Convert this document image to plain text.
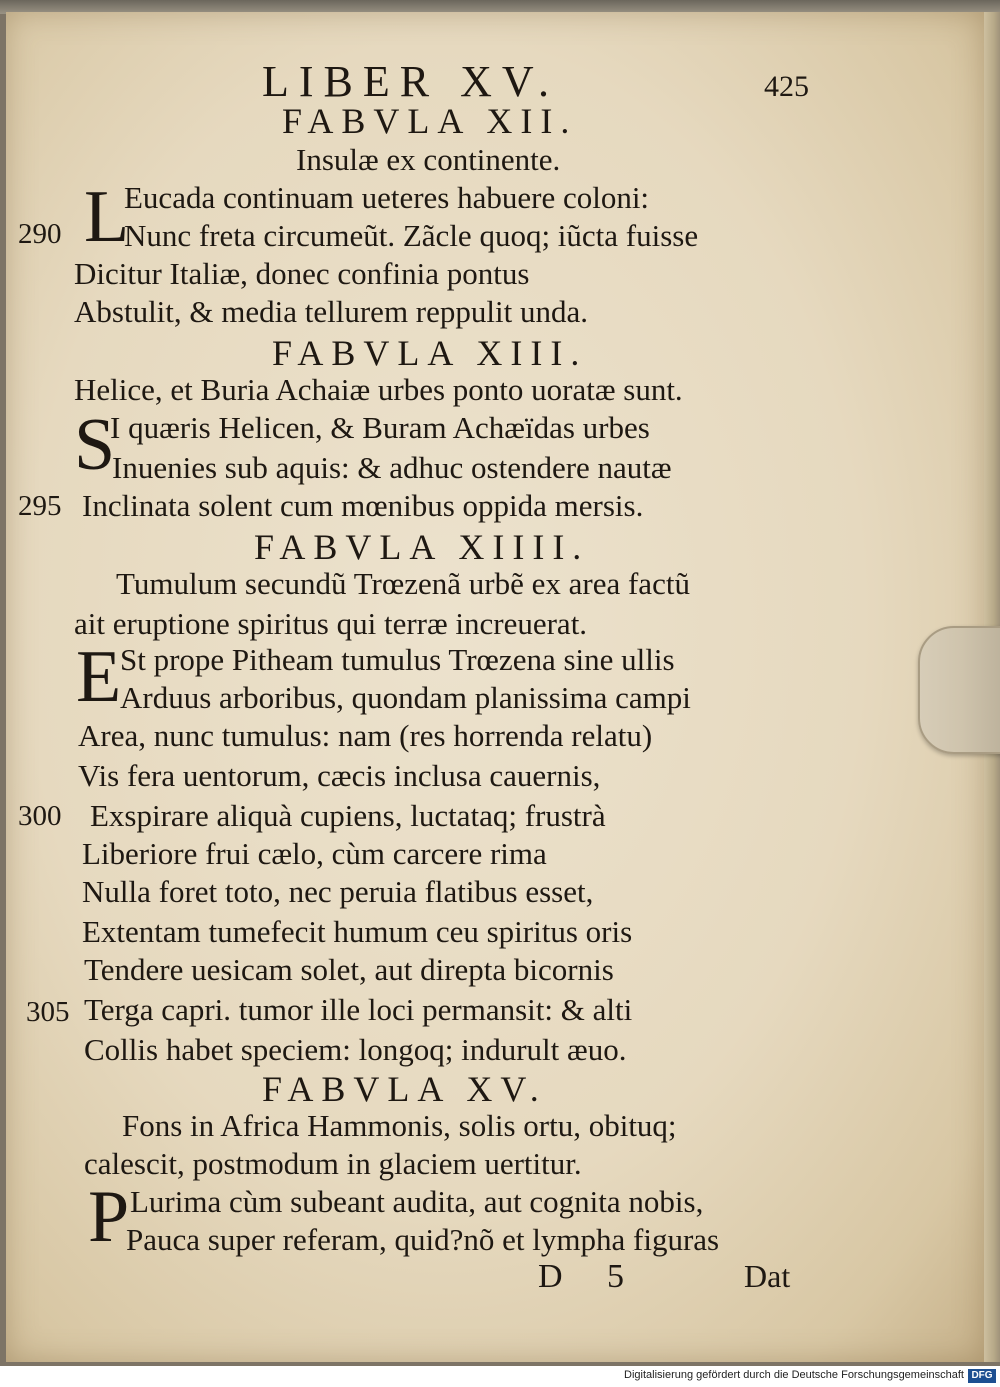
LIBER XV.	425
FABVLA XII.
Insulæ ex continente.
L
Eucada continuam ueteres habuere coloni:
290 Nunc freta circumeũt. Zãcle quoq; iũcta fuisse
Dicitur Italiæ, donec confinia pontus
Abstulit, & media tellurem reppulit unda.
FABVLA XIII.
Helice, et Buria Achaiæ urbes ponto uoratæ sunt.
S
I quæris Helicen, & Buram Achæïdas urbes
Inuenies sub aquis: & adhuc ostendere nautæ
295 Inclinata solent cum mœnibus oppida mersis.
FABVLA XIIII.
Tumulum secundũ Trœzenã urbẽ ex area factũ
ait eruptione spiritus qui terræ increuerat.
E
St prope Pitheam tumulus Trœzena sine ullis
Arduus arboribus, quondam planissima campi
Area, nunc tumulus: nam (res horrenda relatu)
Vis fera uentorum, cæcis inclusa cauernis,
300 Exspirare aliquà cupiens, luctataq; frustrà
Liberiore frui cælo, cùm carcere rima
Nulla foret toto, nec peruia flatibus esset,
Extentam tumefecit humum ceu spiritus oris
Tendere uesicam solet, aut direpta bicornis
305 Terga capri. tumor ille loci permansit: & alti
Collis habet speciem: longoq; indurult æuo.
FABVLA XV.
Fons in Africa Hammonis, solis ortu, obituq;
calescit, postmodum in glaciem uertitur.
P Lurima cùm subeant audita, aut cognita nobis,
Pauca super referam, quid?nõ et lympha figuras
D 5	Dat
Digitalisierung gefördert durch die Deutsche Forschungsgemeinschaft DFG
